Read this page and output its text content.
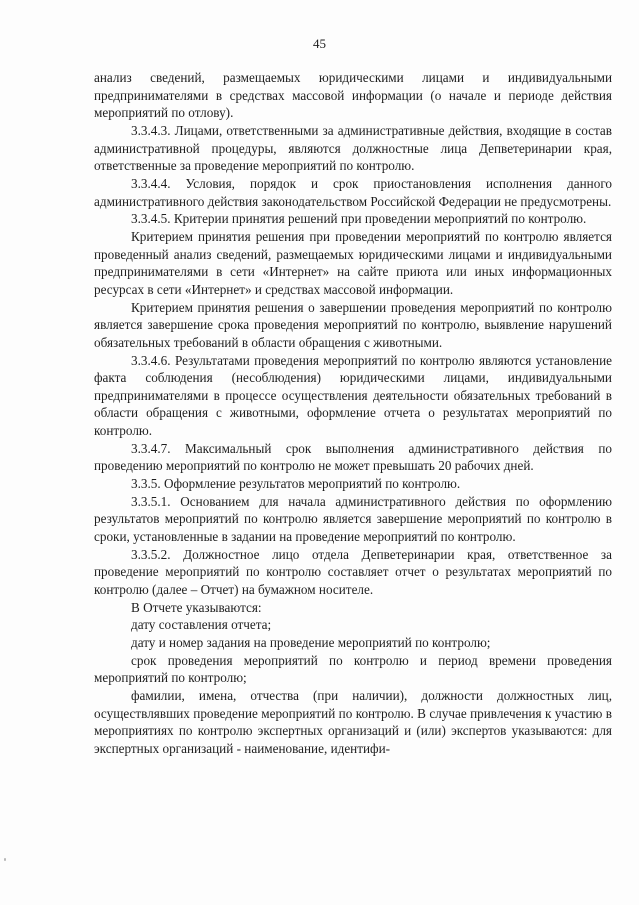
45

анализ сведений, размещаемых юридическими лицами и индивидуальными предпринимателями в средствах массовой информации (о начале и периоде действия мероприятий по отлову).

3.3.4.3. Лицами, ответственными за административные действия, входящие в состав административной процедуры, являются должностные лица Депветеринарии края, ответственные за проведение мероприятий по контролю.

3.3.4.4. Условия, порядок и срок приостановления исполнения данного административного действия законодательством Российской Федерации не предусмотрены.

3.3.4.5. Критерии принятия решений при проведении мероприятий по контролю.

Критерием принятия решения при проведении мероприятий по контролю является проведенный анализ сведений, размещаемых юридическими лицами и индивидуальными предпринимателями в сети «Интернет» на сайте приюта или иных информационных ресурсах в сети «Интернет» и средствах массовой информации.

Критерием принятия решения о завершении проведения мероприятий по контролю является завершение срока проведения мероприятий по контролю, выявление нарушений обязательных требований в области обращения с животными.

3.3.4.6. Результатами проведения мероприятий по контролю являются установление факта соблюдения (несоблюдения) юридическими лицами, индивидуальными предпринимателями в процессе осуществления деятельности обязательных требований в области обращения с животными, оформление отчета о результатах мероприятий по контролю.

3.3.4.7. Максимальный срок выполнения административного действия по проведению мероприятий по контролю не может превышать 20 рабочих дней.

3.3.5. Оформление результатов мероприятий по контролю.

3.3.5.1. Основанием для начала административного действия по оформлению результатов мероприятий по контролю является завершение мероприятий по контролю в сроки, установленные в задании на проведение мероприятий по контролю.

3.3.5.2. Должностное лицо отдела Депветеринарии края, ответственное за проведение мероприятий по контролю составляет отчет о результатах мероприятий по контролю (далее – Отчет) на бумажном носителе.

В Отчете указываются:

дату составления отчета;

дату и номер задания на проведение мероприятий по контролю;

срок проведения мероприятий по контролю и период времени проведения мероприятий по контролю;

фамилии, имена, отчества (при наличии), должности должностных лиц, осуществлявших проведение мероприятий по контролю. В случае привлечения к участию в мероприятиях по контролю экспертных организаций и (или) экспертов указываются: для экспертных организаций - наименование, идентифи-
